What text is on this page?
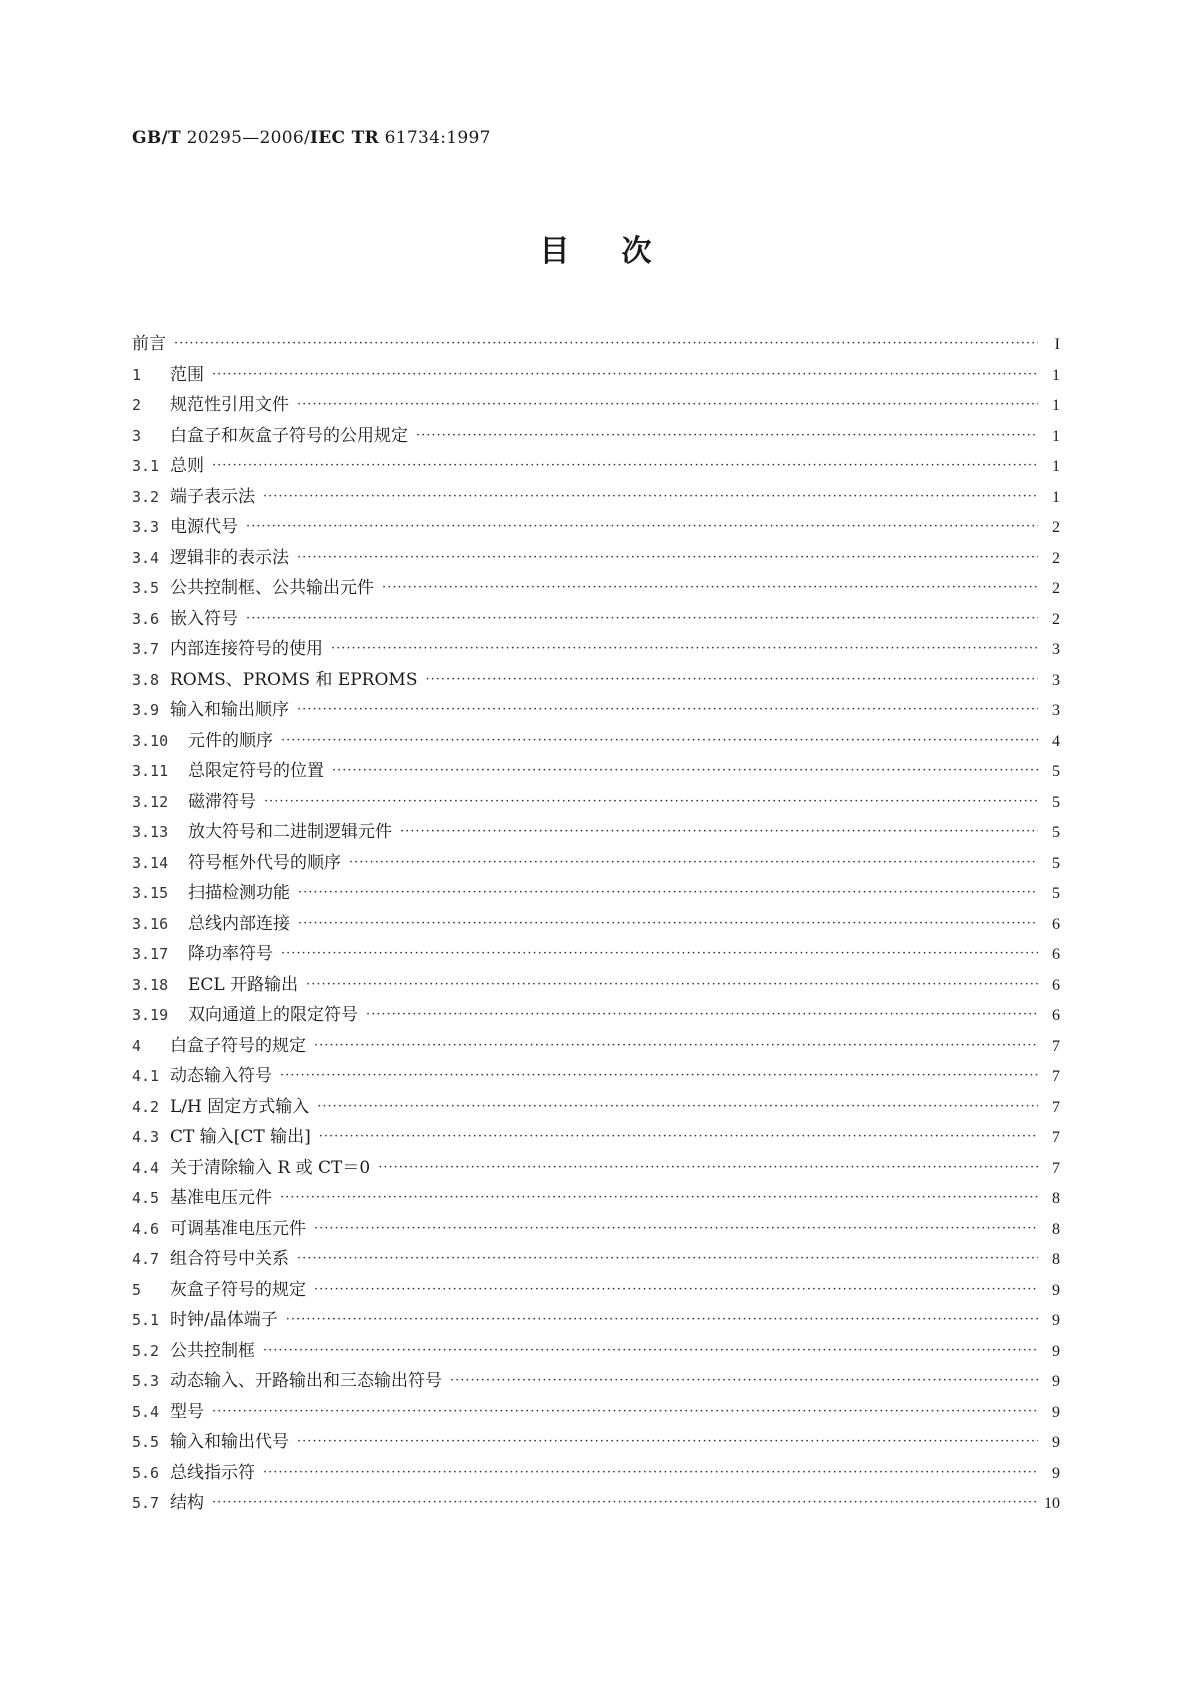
GB/T 20295—2006/IEC TR 61734:1997
目次
前言 ·····	I
1	范围 ·····	1
2	规范性引用文件 ·····	1
3	白盒子和灰盒子符号的公用规定 ·····	1
3.1 总则 ·····	1
3.2 端子表示法 ·····	1
3.3 电源代号 ·····	2
3.4 逻辑非的表示法 ·····	2
3.5 公共控制框、公共输出元件 ·····	2
3.6 嵌入符号 ·····	2
3.7 内部连接符号的使用 ·····	3
3.8 ROMS、PROMS 和 EPROMS ·····	3
3.9 输入和输出顺序 ·····	3
3.10	元件的顺序 ·····	4
3.11	总限定符号的位置 ·····	5
3.12	磁滞符号 ·····	5
3.13	放大符号和二进制逻辑元件 ·····	5
3.14	符号框外代号的顺序 ·····	5
3.15	扫描检测功能 ·····	5
3.16	总线内部连接 ·····	6
3.17	降功率符号 ·····	6
3.18	ECL 开路输出 ·····	6
3.19	双向通道上的限定符号 ·····	6
4	白盒子符号的规定 ·····	7
4.1 动态输入符号 ·····	7
4.2 L/H 固定方式输入 ·····	7
4.3 CT 输入[CT 输出] ·····	7
4.4 关于清除输入 R 或 CT＝0 ·····	7
4.5 基准电压元件 ·····	8
4.6 可调基准电压元件 ·····	8
4.7 组合符号中关系 ·····	8
5	灰盒子符号的规定 ·····	9
5.1 时钟/晶体端子 ·····	9
5.2 公共控制框 ·····	9
5.3 动态输入、开路输出和三态输出符号 ·····	9
5.4 型号 ·····	9
5.5 输入和输出代号 ·····	9
5.6 总线指示符 ·····	9
5.7 结构 ·····	10
